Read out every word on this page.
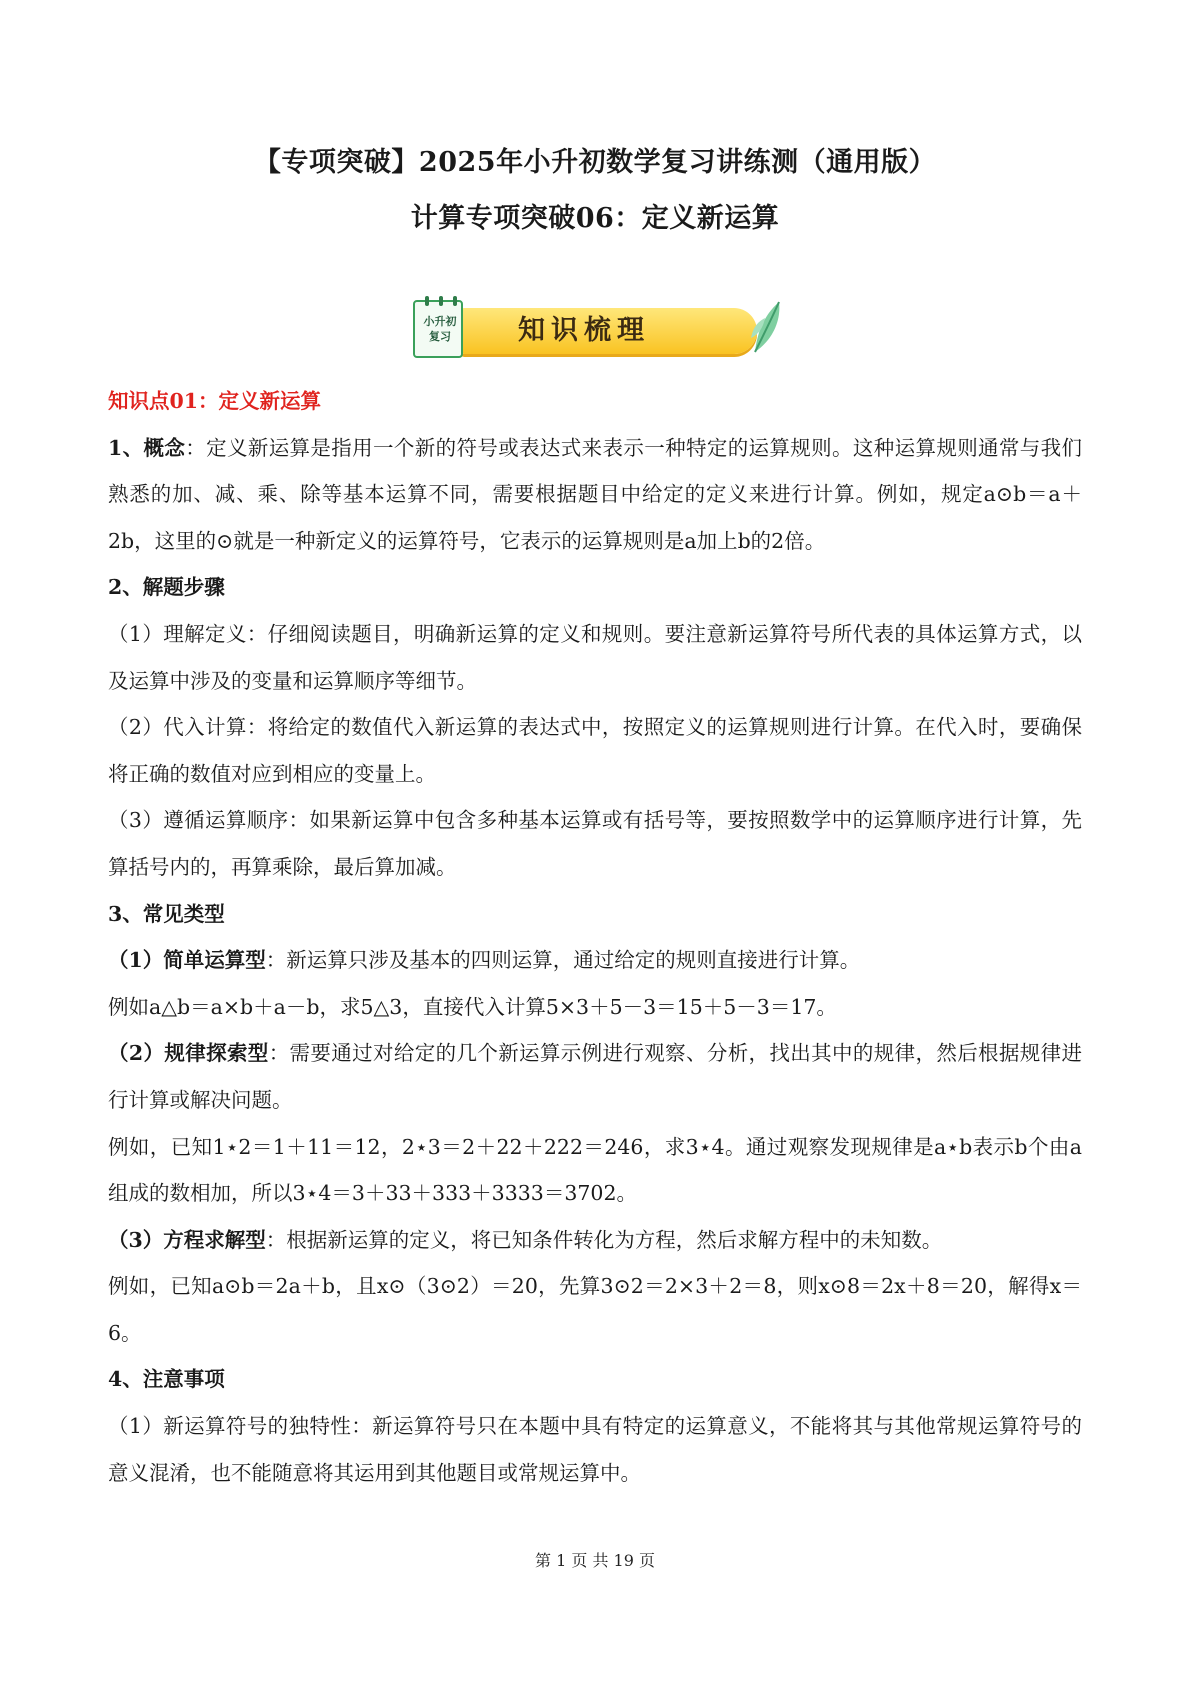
【专项突破】2025年小升初数学复习讲练测（通用版）
计算专项突破06：定义新运算
知识梳理
小升初
复习

知识点01：定义新运算

1、概念：定义新运算是指用一个新的符号或表达式来表示一种特定的运算规则。这种运算规则通常与我们熟悉的加、减、乘、除等基本运算不同，需要根据题目中给定的定义来进行计算。例如，规定a⊙b＝a＋2b，这里的⊙就是一种新定义的运算符号，它表示的运算规则是a加上b的2倍。

2、解题步骤

（1）理解定义：仔细阅读题目，明确新运算的定义和规则。要注意新运算符号所代表的具体运算方式，以及运算中涉及的变量和运算顺序等细节。

（2）代入计算：将给定的数值代入新运算的表达式中，按照定义的运算规则进行计算。在代入时，要确保将正确的数值对应到相应的变量上。

（3）遵循运算顺序：如果新运算中包含多种基本运算或有括号等，要按照数学中的运算顺序进行计算，先算括号内的，再算乘除，最后算加减。

3、常见类型

（1）简单运算型：新运算只涉及基本的四则运算，通过给定的规则直接进行计算。

例如a△b＝a×b＋a－b，求5△3，直接代入计算5×3＋5－3＝15＋5－3＝17。

（2）规律探索型：需要通过对给定的几个新运算示例进行观察、分析，找出其中的规律，然后根据规律进行计算或解决问题。

例如，已知1⋆2＝1＋11＝12，2⋆3＝2＋22＋222＝246，求3⋆4。通过观察发现规律是a⋆b表示b个由a组成的数相加，所以3⋆4＝3＋33＋333＋3333＝3702。

（3）方程求解型：根据新运算的定义，将已知条件转化为方程，然后求解方程中的未知数。

例如，已知a⊙b＝2a＋b，且x⊙（3⊙2）＝20，先算3⊙2＝2×3＋2＝8，则x⊙8＝2x＋8＝20，解得x＝6。

4、注意事项

（1）新运算符号的独特性：新运算符号只在本题中具有特定的运算意义，不能将其与其他常规运算符号的意义混淆，也不能随意将其运用到其他题目或常规运算中。

第 1 页 共 19 页
